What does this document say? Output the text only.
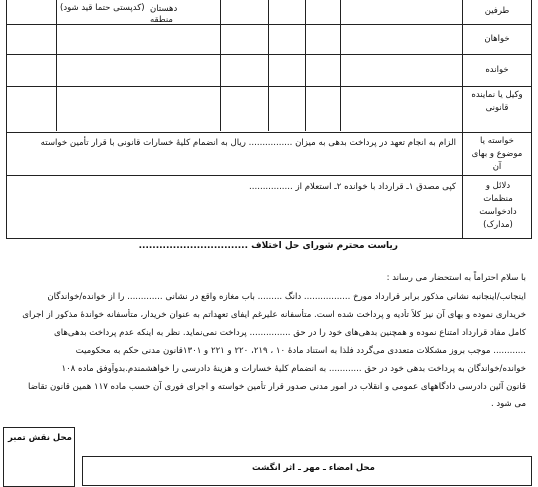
طرفین
خواهان
خوانده
وکیل یا نماینده قانونی
خواسته یا موضوع و بهای آن
دلائل و منظمات دادخواست (مدارک)
(کدپستی حتما قید شود) دهستان
منطقه
الزام به انجام تعهد در پرداخت بدهی به میزان ................ ریال به انضمام کلیهٔ خسارات قانونی با قرار تأمین خواسته
کپی مصدق ۱ـ قرارداد با خوانده ۲ـ استعلام از ................
ریاست محترم شورای حل اختلاف ................................
با سلام احتراماً به استحضار می رساند :
اینجانب/اینجانبه نشانی مذکور برابر قرارداد مورخ ................. دانگ ......... باب مغازه واقع در نشانی ............. را از خوانده/خواندگان
خریداری نموده و بهای آن نیز کلاً تأدیه و پرداخت شده است. متأسفانه علیرغم ایفای تعهداتم به عنوان خریدار، متأسفانه خواندهٔ مذکور از اجرای
کامل مفاد قرارداد امتناع نموده و همچنین بدهی‌های خود را در حق ............... پرداخت نمی‌نماید. نظر به اینکه عدم پرداخت بدهی‌های
............ موجب بروز مشکلات متعددی می‌گردد فلذا به استناد مادهٔ ۱۰ ، ۲۱۹، ۲۲۰ و ۲۲۱ و ۱۳۰۱قانون مدنی حکم به محکومیت
خوانده/خواندگان به پرداخت بدهی خود در حق ............ به انضمام کلیهٔ خسارات و هزینهٔ دادرسی را خواهشمندم.بدواًوفق ماده ۱۰۸
قانون آئین دادرسی دادگاههای عمومی و انقلاب در امور مدنی صدور قرار تأمین خواسته و اجرای فوری آن حسب ماده ۱۱۷ همین قانون تقاضا
می شود .
محل نقش تمبر
محل امضاء ـ مهر ـ اثر انگشت
